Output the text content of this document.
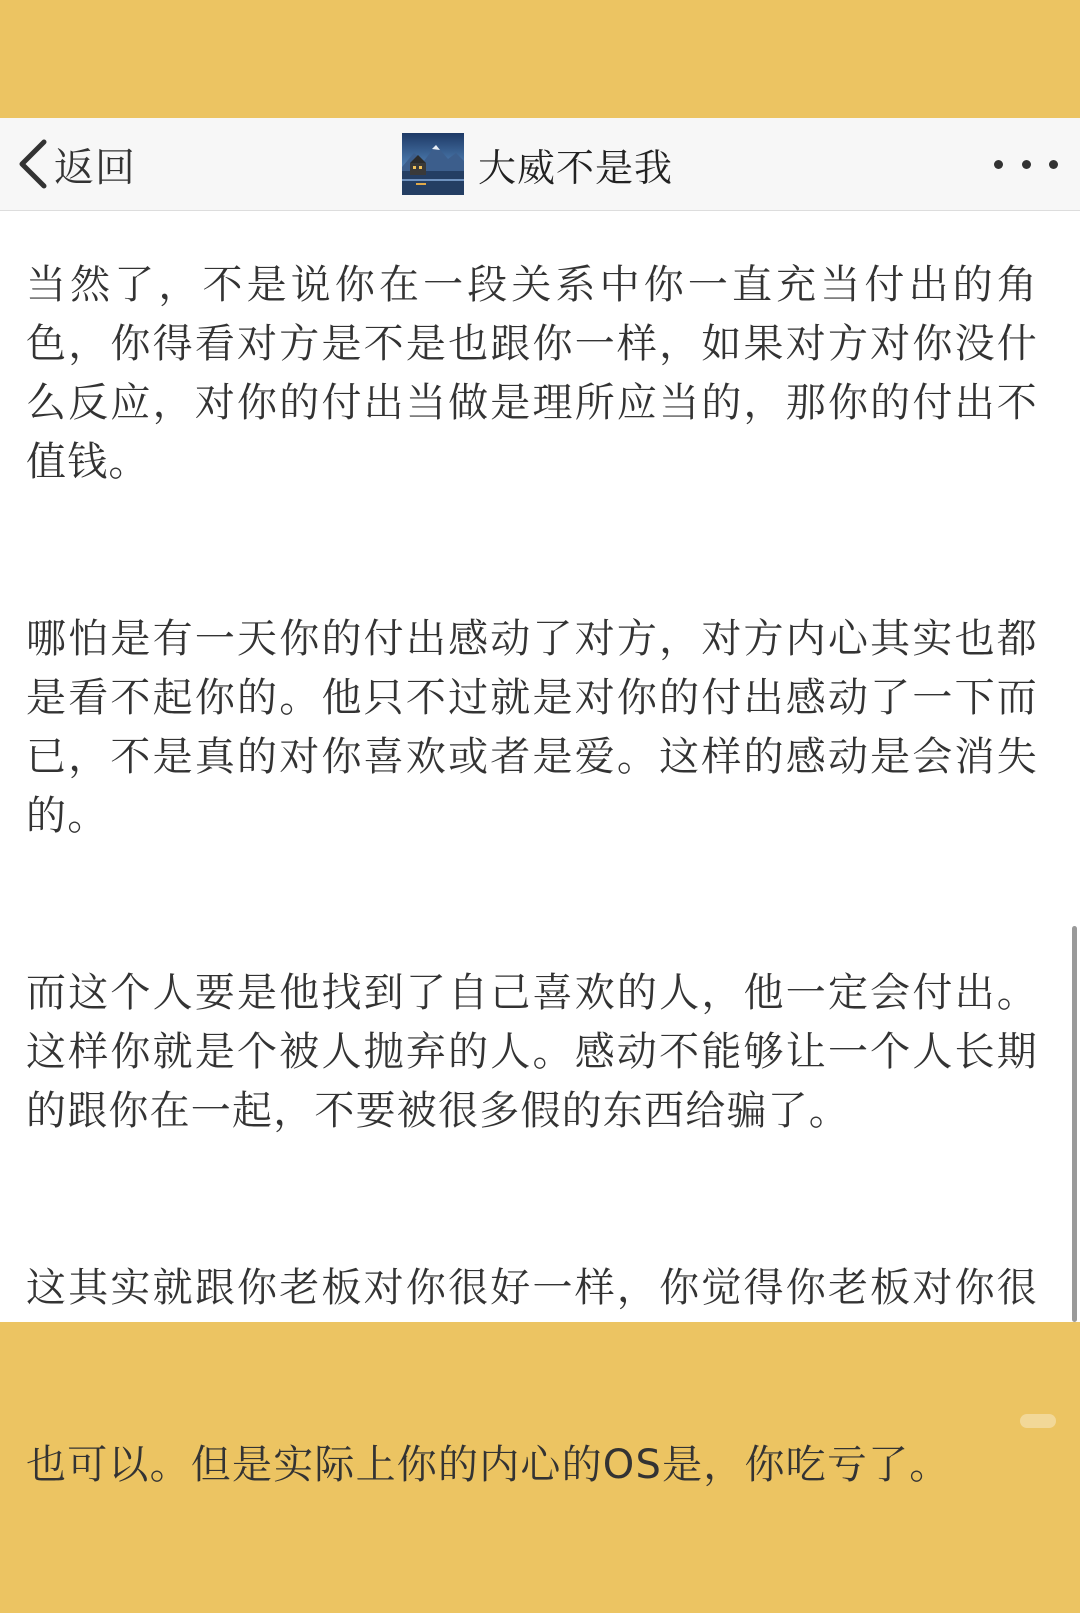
返回	大威不是我

当然了，不是说你在一段关系中你一直充当付出的角色，你得看对方是不是也跟你一样，如果对方对你没什么反应，对你的付出当做是理所应当的，那你的付出不值钱。

哪怕是有一天你的付出感动了对方，对方内心其实也都是看不起你的。他只不过就是对你的付出感动了一下而已，不是真的对你喜欢或者是爱。这样的感动是会消失的。

而这个人要是他找到了自己喜欢的人，他一定会付出。这样你就是个被人抛弃的人。感动不能够让一个人长期的跟你在一起，不要被很多假的东西给骗了。

这其实就跟你老板对你很好一样，你觉得你老板对你很 也可以。但是实际上你的内心的OS是，你吃亏了。
